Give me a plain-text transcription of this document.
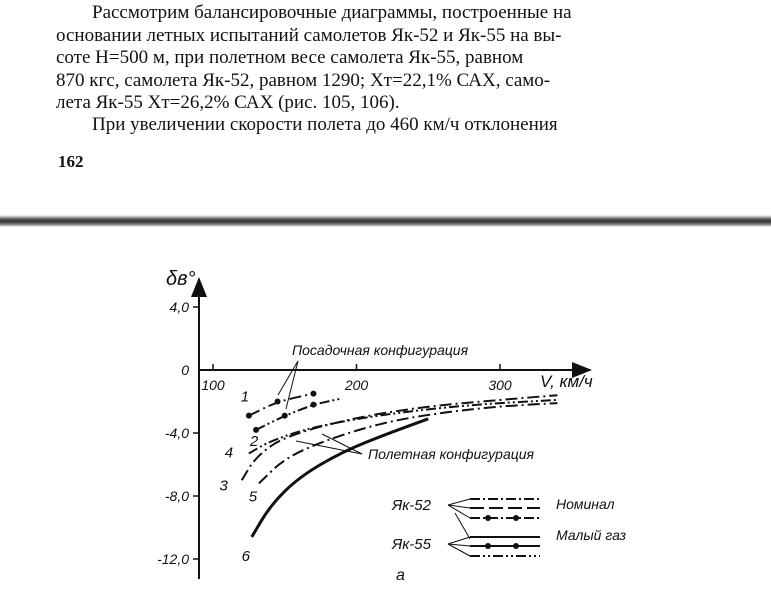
Рассмотрим балансировочные диаграммы, построенные на
основании летных испытаний самолетов Як-52 и Як-55 на вы-
соте H=500 м, при полетном весе самолета Як-55, равном
870 кгс, самолета Як-52, равном 1290; Xт=22,1% САХ, само-
лета Як-55 Xт=26,2% САХ (рис. 105, 106).

При увеличении скорости полета до 460 км/ч отклонения

162
4,0
0
-4,0
-8,0
-12,0
100	200	300
δв°
V, км/ч
Посадочная конфигурация
Полетная конфигурация
Як-52
Як-55
Номинал
Малый газ
а
1
2
3
4
5
6
